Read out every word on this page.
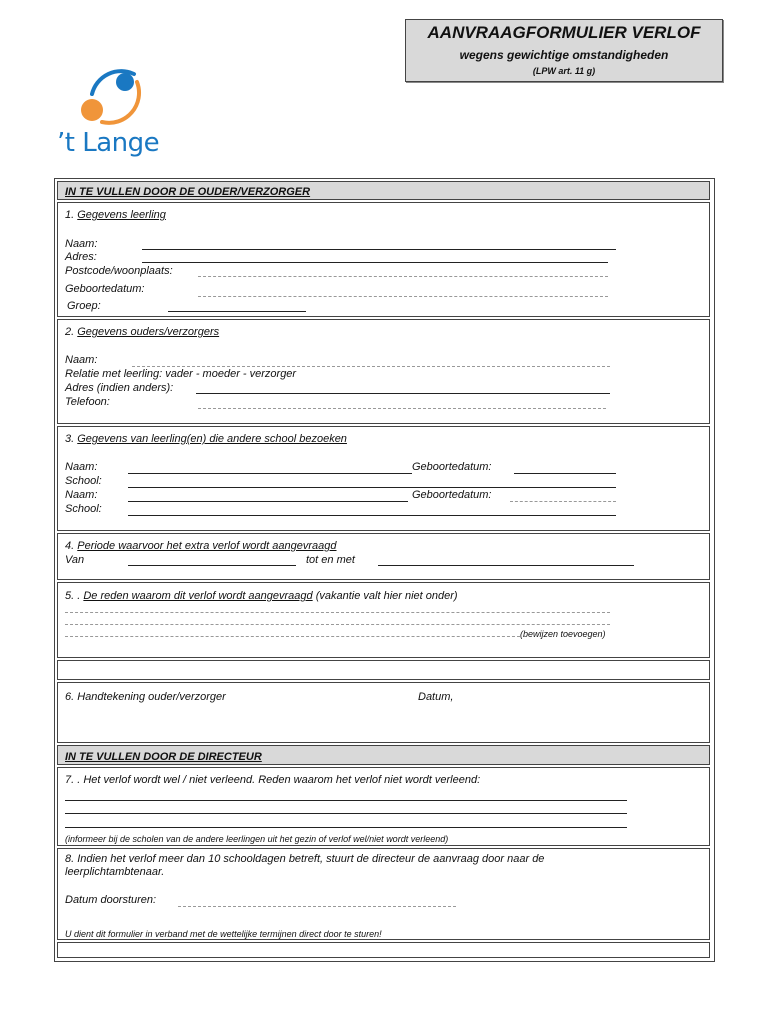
AANVRAAGFORMULIER VERLOF
wegens gewichtige omstandigheden
(LPW art. 11 g)
’t Lange
IN TE VULLEN DOOR DE OUDER/VERZORGER
1. Gegevens leerling
Naam:
Adres:
Postcode/woonplaats:
Geboortedatum:
Groep:
2. Gegevens ouders/verzorgers
Naam:
Relatie met leerling: vader - moeder - verzorger
Adres (indien anders):
Telefoon:
3. Gegevens van leerling(en) die andere school bezoeken
Naam:	Geboortedatum:
School:
Naam:	Geboortedatum:
School:
4. Periode waarvoor het extra verlof wordt aangevraagd
Van	tot en met
5. . De reden waarom dit verlof wordt aangevraagd (vakantie valt hier niet onder)
(bewijzen toevoegen)
6. Handtekening ouder/verzorger	Datum,
IN TE VULLEN DOOR DE DIRECTEUR
7. . Het verlof wordt wel / niet verleend. Reden waarom het verlof niet wordt verleend:
(informeer bij de scholen van de andere leerlingen uit het gezin of verlof wel/niet wordt verleend)
8. Indien het verlof meer dan 10 schooldagen betreft, stuurt de directeur de aanvraag door naar de
leerplichtambtenaar.
Datum doorsturen:
U dient dit formulier in verband met de wettelijke termijnen direct door te sturen!
